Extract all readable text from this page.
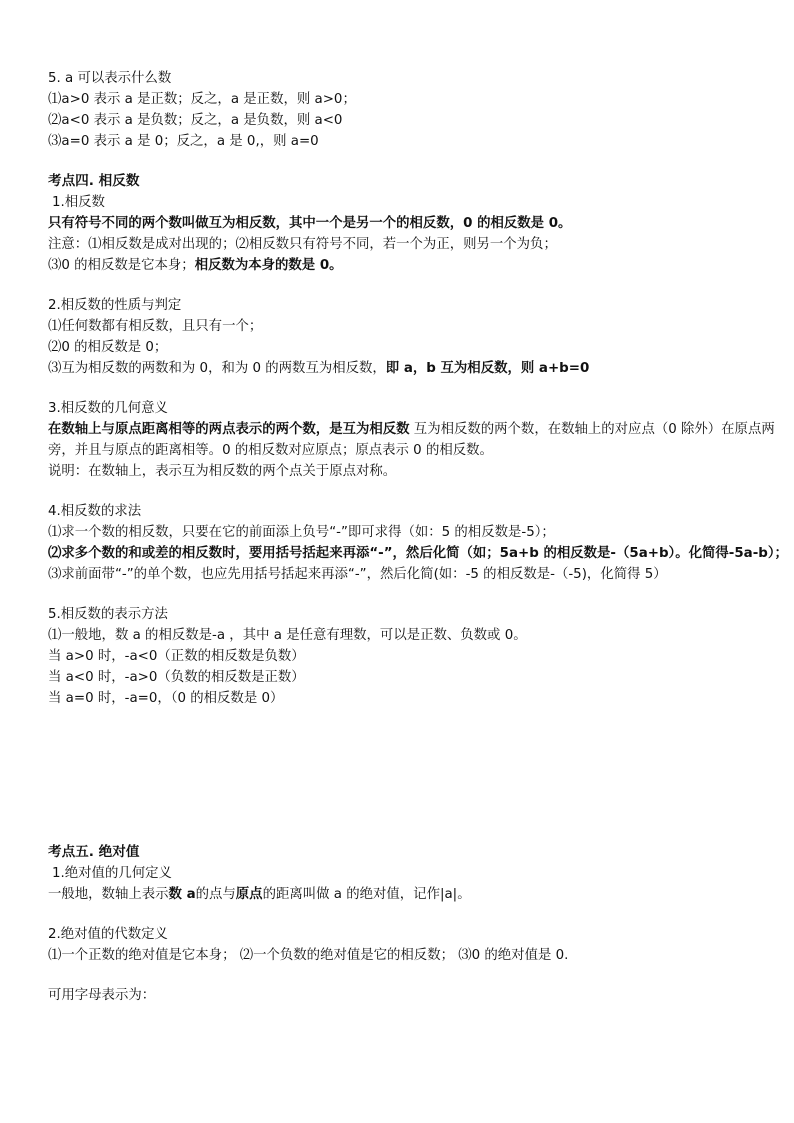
5. a 可以表示什么数

⑴a>0 表示 a 是正数；反之，a 是正数，则 a>0；

⑵a<0 表示 a 是负数；反之，a 是负数，则 a<0

⑶a=0 表示 a 是 0；反之，a 是 0,，则 a=0

考点四. 相反数

1.相反数

只有符号不同的两个数叫做互为相反数，其中一个是另一个的相反数，0 的相反数是 0。

注意：⑴相反数是成对出现的；⑵相反数只有符号不同，若一个为正，则另一个为负；

⑶0 的相反数是它本身；相反数为本身的数是 0。

2.相反数的性质与判定

⑴任何数都有相反数，且只有一个；

⑵0 的相反数是 0；

⑶互为相反数的两数和为 0，和为 0 的两数互为相反数，即 a，b 互为相反数，则 a+b=0

3.相反数的几何意义

在数轴上与原点距离相等的两点表示的两个数，是互为相反数 互为相反数的两个数，在数轴上的对应点（0 除外）在原点两旁，并且与原点的距离相等。0 的相反数对应原点；原点表示 0 的相反数。

说明：在数轴上，表示互为相反数的两个点关于原点对称。

4.相反数的求法

⑴求一个数的相反数，只要在它的前面添上负号“-”即可求得（如：5 的相反数是-5）；

⑵求多个数的和或差的相反数时，要用括号括起来再添“-”，然后化简（如；5a+b 的相反数是-（5a+b）。化简得-5a-b）；

⑶求前面带“-”的单个数，也应先用括号括起来再添“-”，然后化简(如：-5 的相反数是-（-5)，化简得 5）

5.相反数的表示方法

⑴一般地，数 a 的相反数是-a ，其中 a 是任意有理数，可以是正数、负数或 0。

当 a>0 时，-a<0（正数的相反数是负数）

当 a<0 时，-a>0（负数的相反数是正数）

当 a=0 时，-a=0，（0 的相反数是 0）

考点五. 绝对值

1.绝对值的几何定义

一般地，数轴上表示数 a的点与原点的距离叫做 a 的绝对值，记作|a|。

2.绝对值的代数定义

⑴一个正数的绝对值是它本身； ⑵一个负数的绝对值是它的相反数； ⑶0 的绝对值是 0.

可用字母表示为：
